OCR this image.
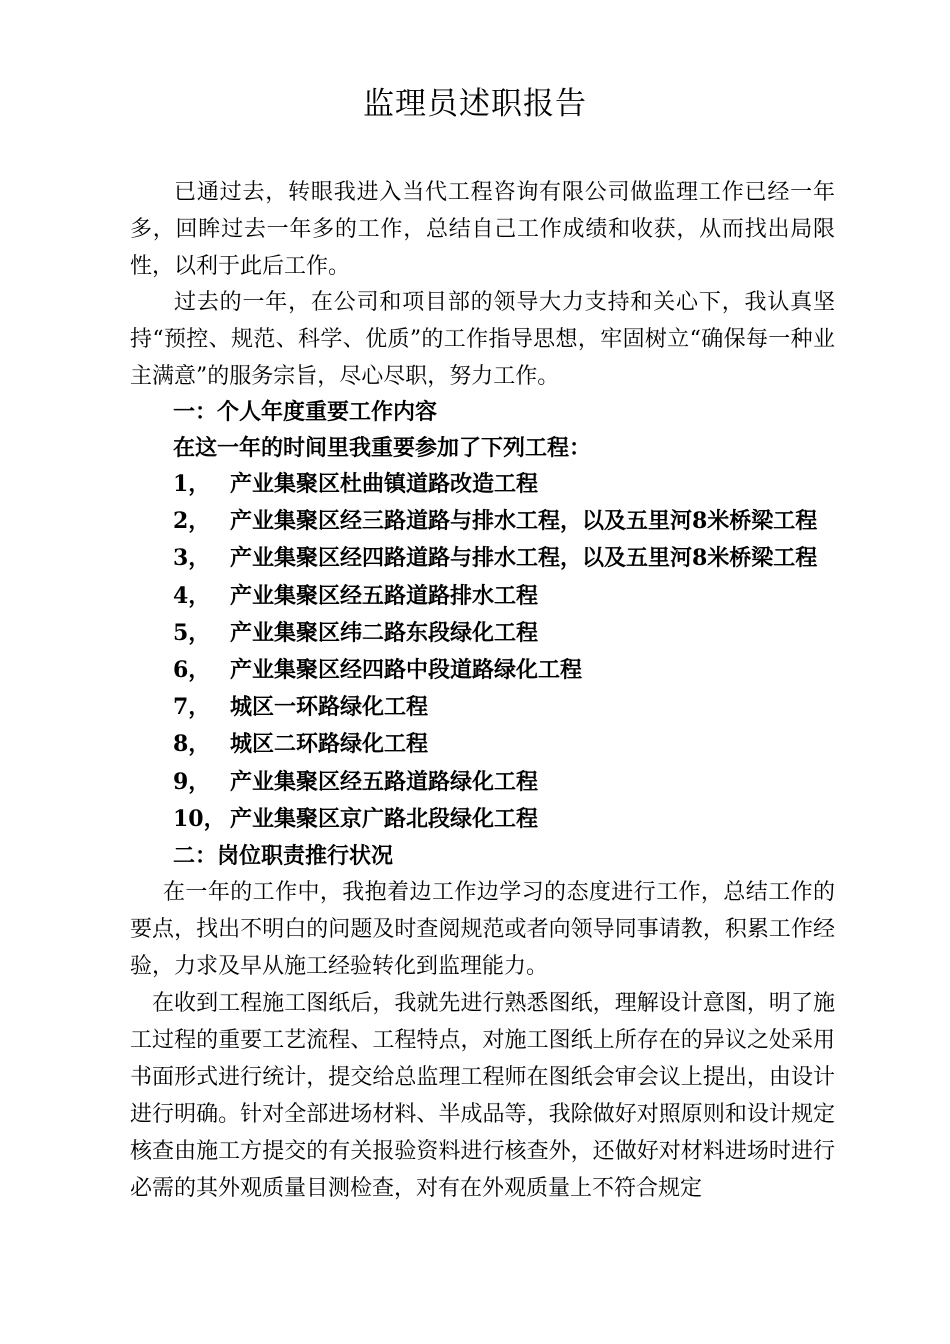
监理员述职报告

已通过去，转眼我进入当代工程咨询有限公司做监理工作已经一年多，回眸过去一年多的工作，总结自己工作成绩和收获，从而找出局限性，以利于此后工作。

过去的一年，在公司和项目部的领导大力支持和关心下，我认真坚持“预控、规范、科学、优质”的工作指导思想，牢固树立“确保每一种业主满意”的服务宗旨，尽心尽职，努力工作。

一：个人年度重要工作内容
在这一年的时间里我重要参加了下列工程：
1， 产业集聚区杜曲镇道路改造工程
2， 产业集聚区经三路道路与排水工程，以及五里河8米桥梁工程
3， 产业集聚区经四路道路与排水工程，以及五里河8米桥梁工程
4， 产业集聚区经五路道路排水工程
5， 产业集聚区纬二路东段绿化工程
6， 产业集聚区经四路中段道路绿化工程
7， 城区一环路绿化工程
8， 城区二环路绿化工程
9， 产业集聚区经五路道路绿化工程
10， 产业集聚区京广路北段绿化工程
二：岗位职责推行状况

在一年的工作中，我抱着边工作边学习的态度进行工作，总结工作的要点，找出不明白的问题及时查阅规范或者向领导同事请教，积累工作经验，力求及早从施工经验转化到监理能力。

在收到工程施工图纸后，我就先进行熟悉图纸，理解设计意图，明了施工过程的重要工艺流程、工程特点，对施工图纸上所存在的异议之处采用书面形式进行统计，提交给总监理工程师在图纸会审会议上提出，由设计进行明确。针对全部进场材料、半成品等，我除做好对照原则和设计规定核查由施工方提交的有关报验资料进行核查外，还做好对材料进场时进行必需的其外观质量目测检查，对有在外观质量上不符合规定
